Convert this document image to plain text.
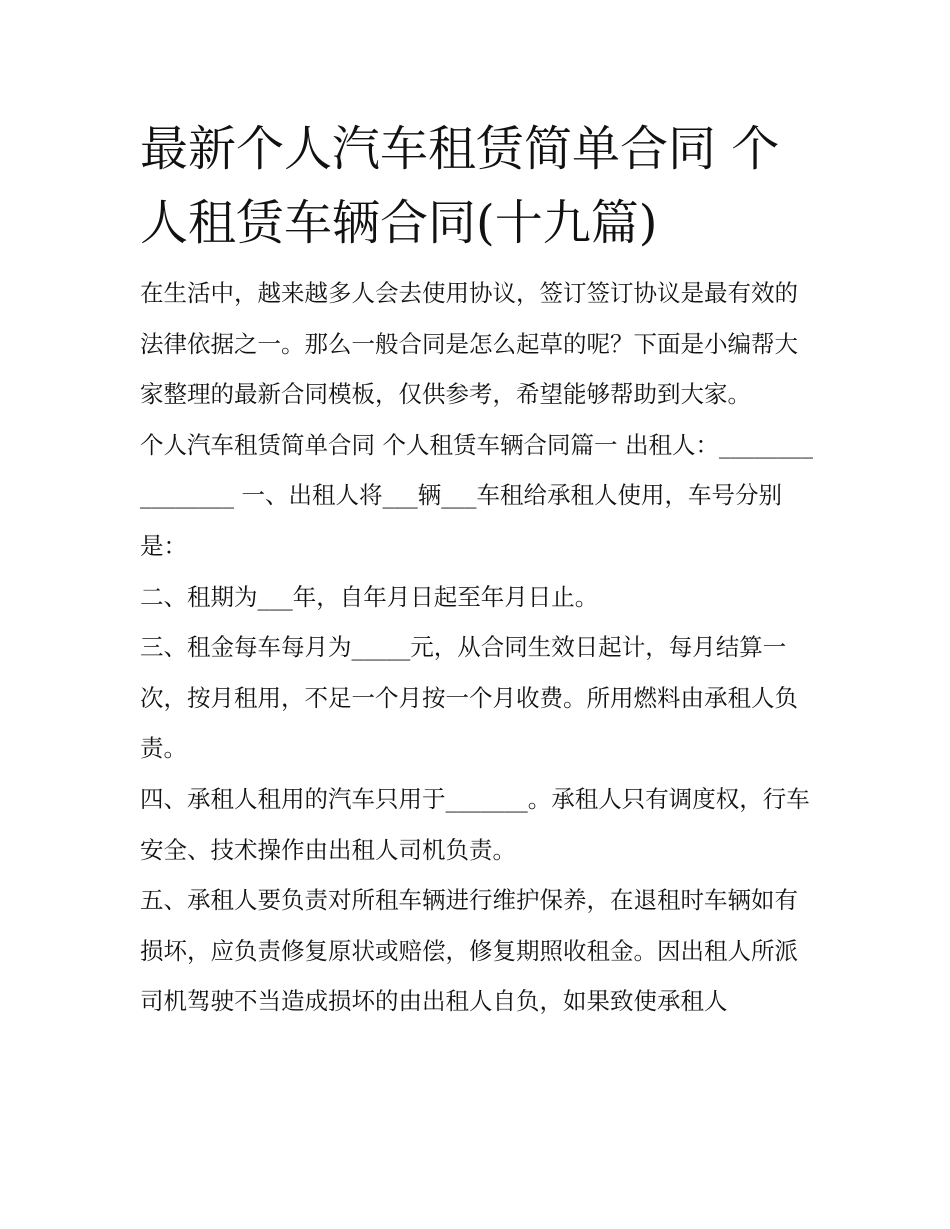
最新个人汽车租赁简单合同 个人租赁车辆合同(十九篇)

在生活中，越来越多人会去使用协议，签订签订协议是最有效的法律依据之一。那么一般合同是怎么起草的呢？下面是小编帮大家整理的最新合同模板，仅供参考，希望能够帮助到大家。

个人汽车租赁简单合同 个人租赁车辆合同篇一 出租人：________________ 一、出租人将___辆___车租给承租人使用，车号分别是：

二、租期为___年，自年月日起至年月日止。

三、租金每车每月为_____元，从合同生效日起计，每月结算一次，按月租用，不足一个月按一个月收费。所用燃料由承租人负责。

四、承租人租用的汽车只用于_______。承租人只有调度权，行车安全、技术操作由出租人司机负责。

五、承租人要负责对所租车辆进行维护保养，在退租时车辆如有损坏，应负责修复原状或赔偿，修复期照收租金。因出租人所派司机驾驶不当造成损坏的由出租人自负，如果致使承租人
